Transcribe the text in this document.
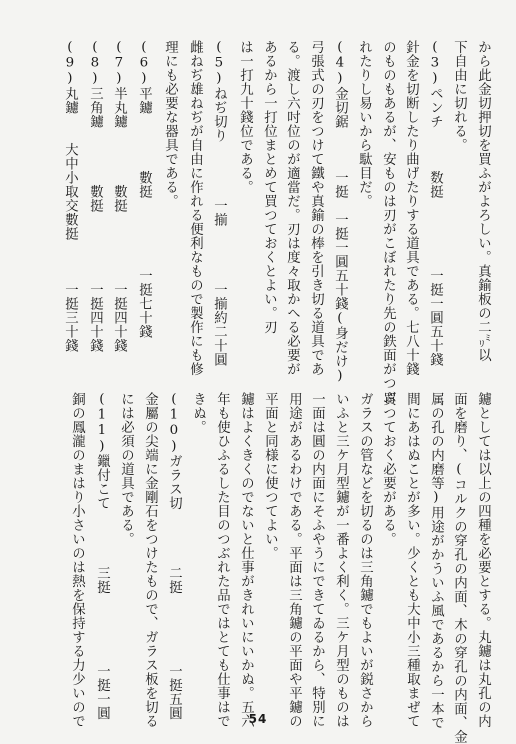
から此金切押切を買ふがよろしい。真鍮板の二㍉以
下自由に切れる。
(3)ペンチ　　　数挺　　　　　一挺一圓五十錢
針金を切断したり曲げたりする道具である。七八十錢
のものもあるが、安ものは刃がこぼれたり先の鉄面がつぶ
れたりし易いから駄目だ。
(4)金切鋸　　　一挺　一挺一圓五十錢(身だけ)
弓張式の刃をつけて鐵や真鍮の棒を引き切る道具であ
る。渡し六吋位のが適當だ。刃は度々取かへる必要が
あるから一打位まとめて買つておくとよい。刃
は一打九十錢位である。
(5)ねぢ切り　　　　一揃　　　　一揃約二十圓
雌ねぢ雄ねぢが自由に作れる便利なもので製作にも修
理にも必要な器具である。
(6)平鑢　　　　數挺　　　　　一挺七十錢
(7)半丸鑢　　　　數挺　　　　　一挺四十錢
(8)三角鑢　　　　數挺　　　　　一挺四十錢
(9)丸鑢　　大中小取交數挺　　　一挺三十錢
鑢としては以上の四種を必要とする。丸鑢は丸孔の内
面を磨り、(コルクの穿孔の内面、木の穿孔の内面、金
属の孔の内磨等)用途がかういふ風であるから一本で
間にあはぬことが多い。少くとも大中小三種取まぜて
買つておく必要がある。
ガラスの管などを切るのは三角鑢でもよいが鋭さから
いふと三ケ月型鑢が一番よく利く。三ケ月型のものは
一面は圓の内面にそふやうにできてゐるから、特別に
用途があるわけである。平面は三角鑢の平面や平鑢の
平面と同様に使つてよい。
鑢はよくきくのでないと仕事がきれいにいかぬ。五六
年も使ひふるした目のつぶれた品ではとても仕事はで
きぬ。
(10)ガラス切　　　　二挺　　　　　一挺五圓
金屬の尖端に金剛石をつけたもので、ガラス板を切る
には必須の道具である。
(11)鑞付こて　　　　三挺　　　　　一挺一圓
銅の鳳瀧のまはり小さいのは熱を保持する力少いので	54
